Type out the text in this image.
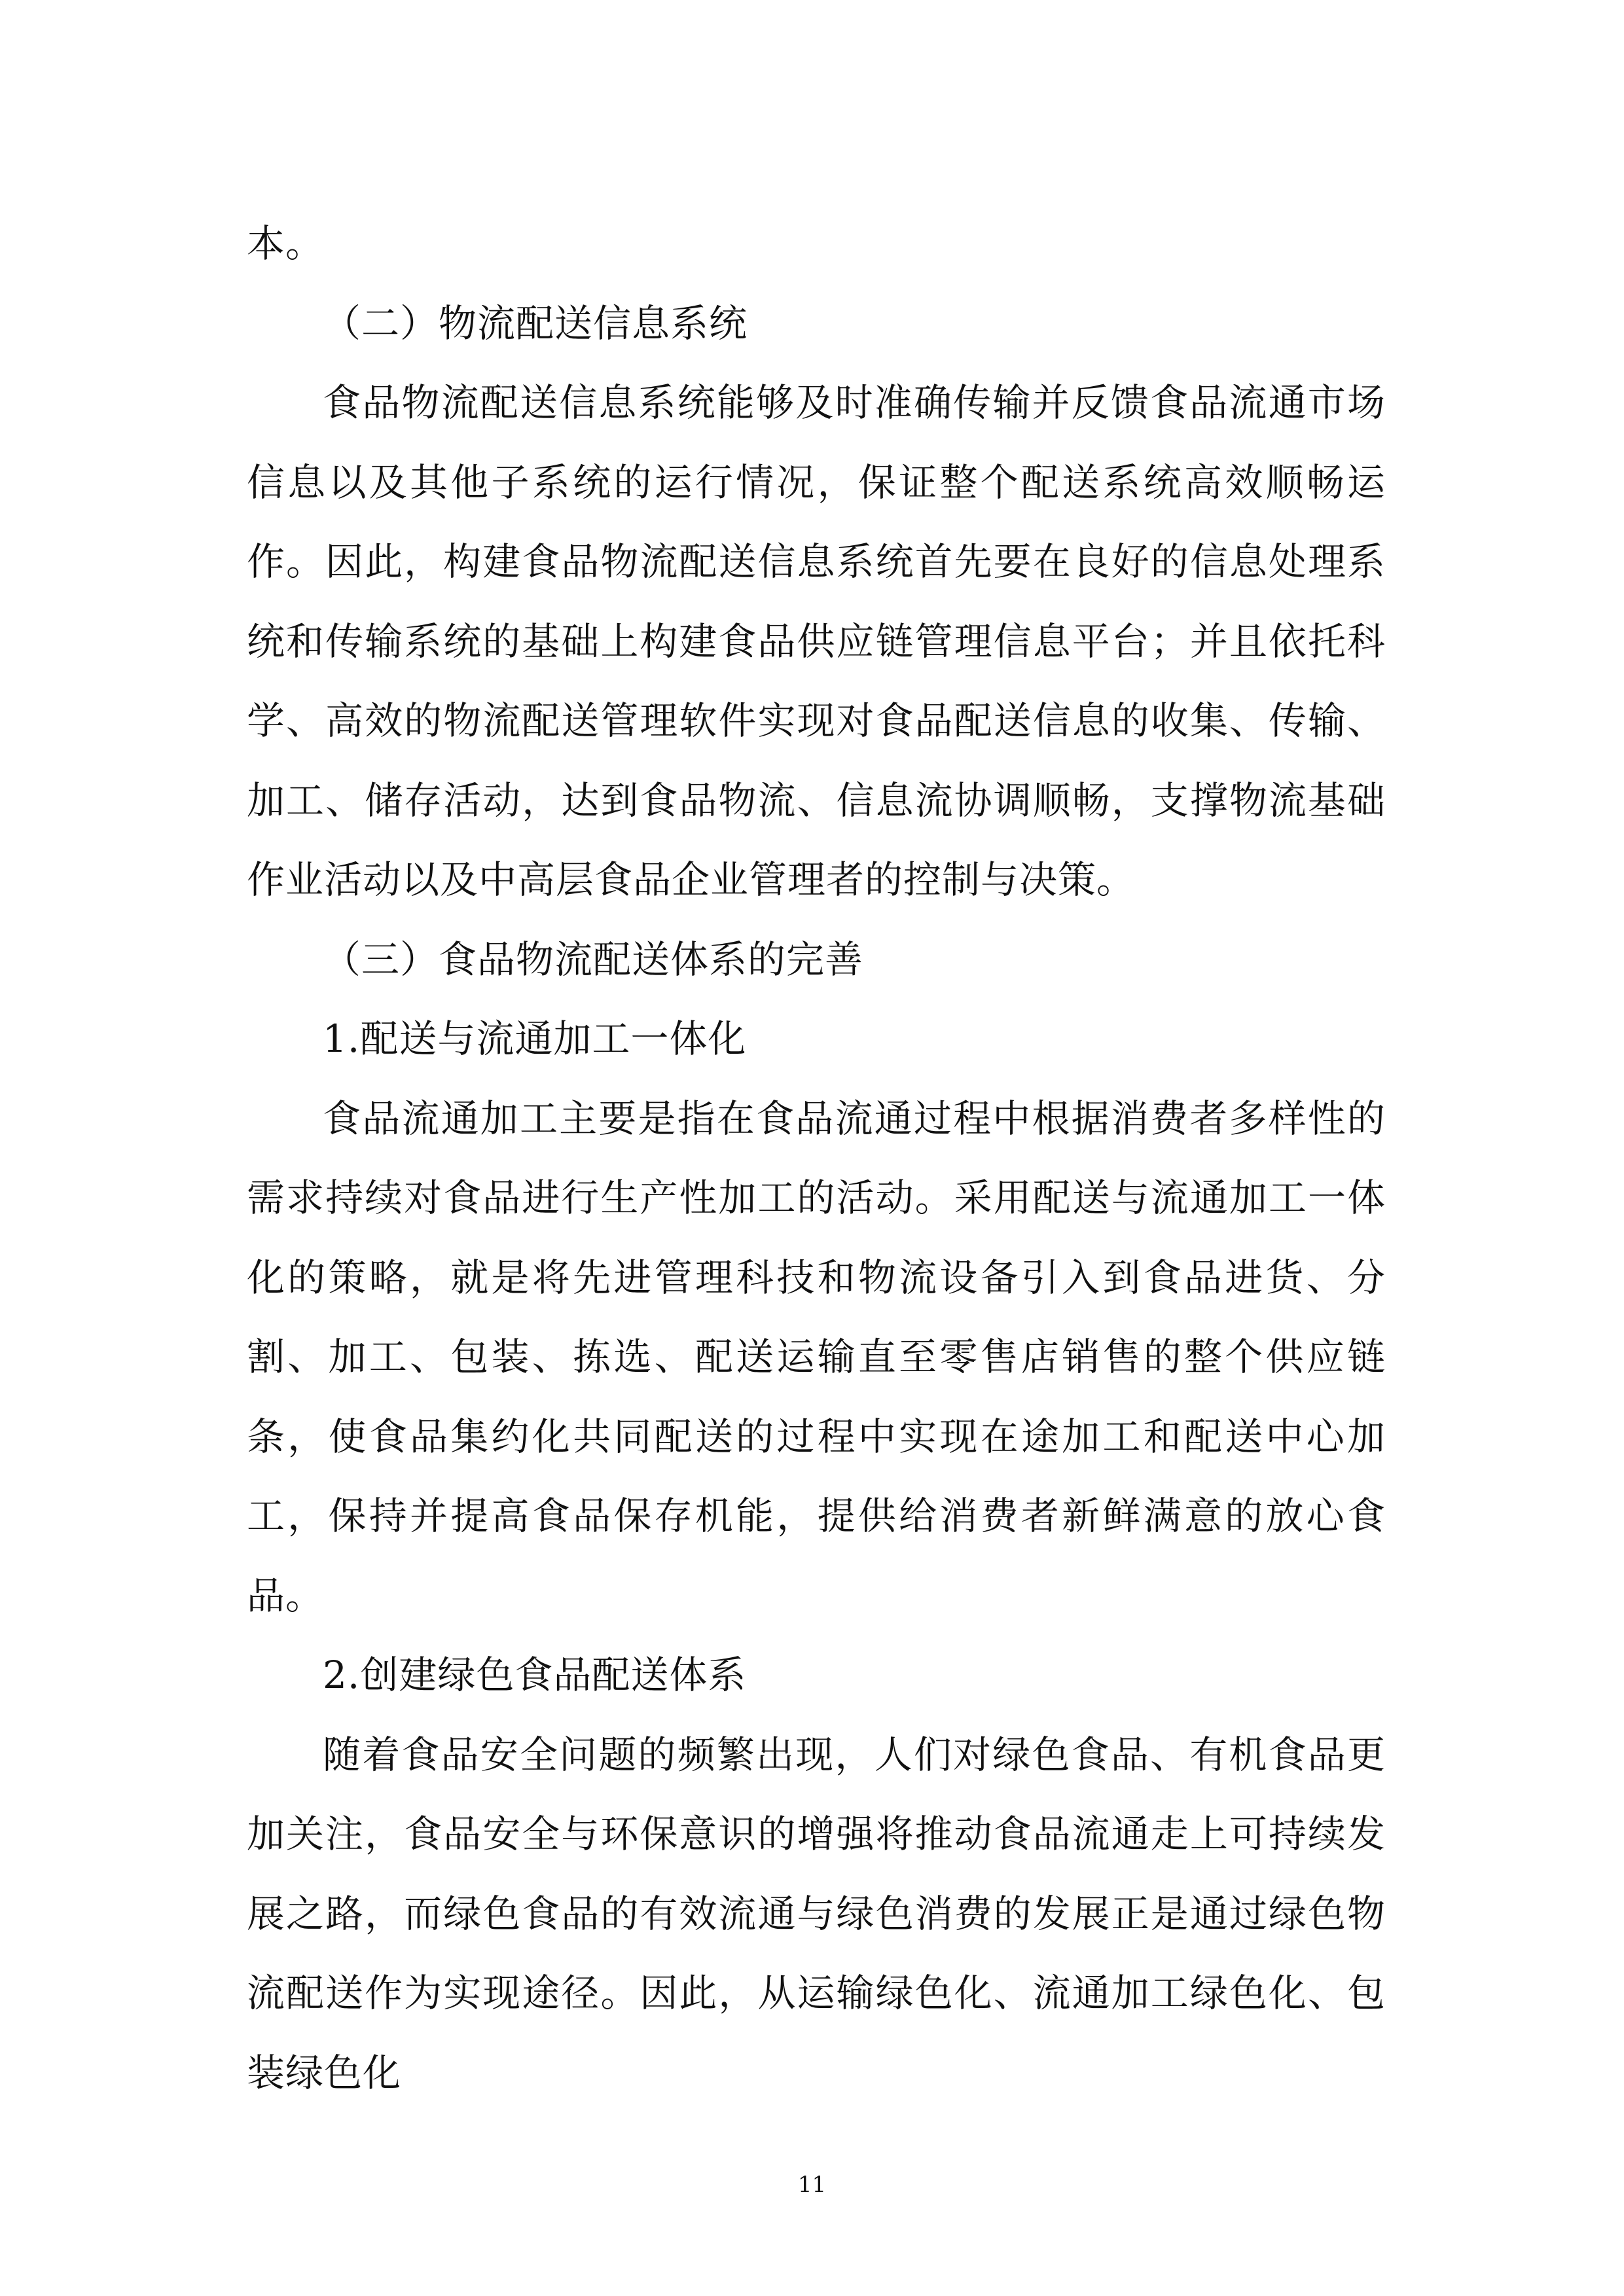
本。

（二）物流配送信息系统

食品物流配送信息系统能够及时准确传输并反馈食品流通市场信息以及其他子系统的运行情况，保证整个配送系统高效顺畅运作。因此，构建食品物流配送信息系统首先要在良好的信息处理系统和传输系统的基础上构建食品供应链管理信息平台；并且依托科学、高效的物流配送管理软件实现对食品配送信息的收集、传输、加工、储存活动，达到食品物流、信息流协调顺畅，支撑物流基础作业活动以及中高层食品企业管理者的控制与决策。

（三）食品物流配送体系的完善

1.配送与流通加工一体化

食品流通加工主要是指在食品流通过程中根据消费者多样性的需求持续对食品进行生产性加工的活动。采用配送与流通加工一体化的策略，就是将先进管理科技和物流设备引入到食品进货、分割、加工、包装、拣选、配送运输直至零售店销售的整个供应链条，使食品集约化共同配送的过程中实现在途加工和配送中心加工，保持并提高食品保存机能，提供给消费者新鲜满意的放心食品。

2.创建绿色食品配送体系

随着食品安全问题的频繁出现，人们对绿色食品、有机食品更加关注，食品安全与环保意识的增强将推动食品流通走上可持续发展之路，而绿色食品的有效流通与绿色消费的发展正是通过绿色物流配送作为实现途径。因此，从运输绿色化、流通加工绿色化、包装绿色化

11
